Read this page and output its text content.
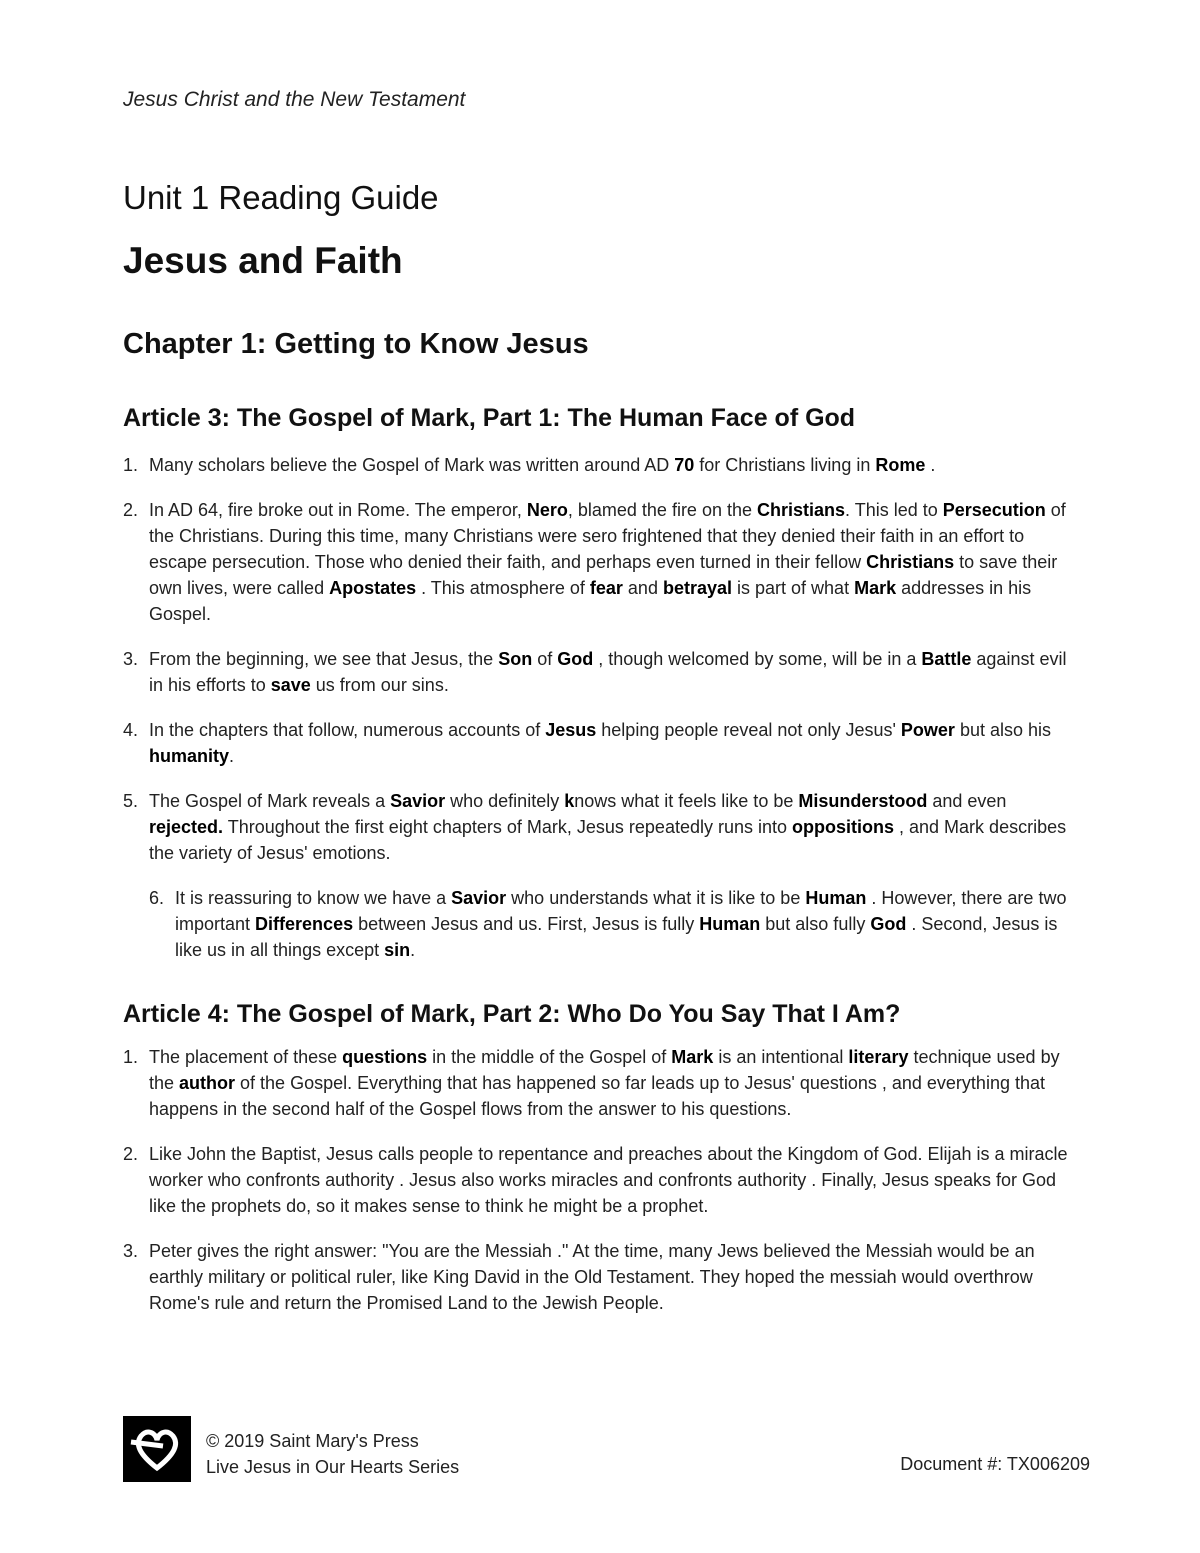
Jesus Christ and the New Testament
Unit 1 Reading Guide
Jesus and Faith
Chapter 1: Getting to Know Jesus
Article 3: The Gospel of Mark, Part 1: The Human Face of God
1. Many scholars believe the Gospel of Mark was written around AD 70 for Christians living in Rome .
2. In AD 64, fire broke out in Rome. The emperor, Nero, blamed the fire on the Christians. This led to Persecution of the Christians. During this time, many Christians were sero frightened that they denied their faith in an effort to escape persecution. Those who denied their faith, and perhaps even turned in their fellow Christians to save their own lives, were called Apostates . This atmosphere of fear and betrayal is part of what Mark addresses in his Gospel.
3. From the beginning, we see that Jesus, the Son of God , though welcomed by some, will be in a Battle against evil in his efforts to save us from our sins.
4. In the chapters that follow, numerous accounts of Jesus helping people reveal not only Jesus' Power but also his humanity.
5. The Gospel of Mark reveals a Savior who definitely knows what it feels like to be Misunderstood and even rejected. Throughout the first eight chapters of Mark, Jesus repeatedly runs into oppositions , and Mark describes the variety of Jesus' emotions.
6. It is reassuring to know we have a Savior who understands what it is like to be Human . However, there are two important Differences between Jesus and us. First, Jesus is fully Human but also fully God . Second, Jesus is like us in all things except sin.
Article 4: The Gospel of Mark, Part 2: Who Do You Say That I Am?
1. The placement of these questions in the middle of the Gospel of Mark is an intentional literary technique used by the author of the Gospel. Everything that has happened so far leads up to Jesus' questions , and everything that happens in the second half of the Gospel flows from the answer to his questions.
2. Like John the Baptist, Jesus calls people to repentance and preaches about the Kingdom of God. Elijah is a miracle worker who confronts authority . Jesus also works miracles and confronts authority . Finally, Jesus speaks for God like the prophets do, so it makes sense to think he might be a prophet.
3. Peter gives the right answer: "You are the Messiah ." At the time, many Jews believed the Messiah would be an earthly military or political ruler, like King David in the Old Testament. They hoped the messiah would overthrow Rome's rule and return the Promised Land to the Jewish People.
© 2019 Saint Mary's Press
Live Jesus in Our Hearts Series	Document #: TX006209
